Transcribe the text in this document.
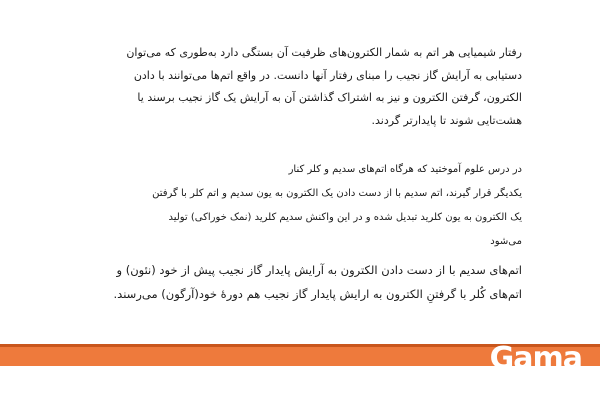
رفتار شیمیایی هر اتم به شمار الکترون‌های ظرفیت آن بستگی دارد به‌طوری که می‌توان
دستیابی به آرایش گاز نجیب را مبنای رفتار آنها دانست. در واقع اتم‌ها می‌توانند با دادن
الکترون، گرفتن الکترون و نیز به اشتراک گذاشتن آن به آرایش یک گاز نجیب برسند یا
هشت‌تایی شوند تا پایدارتر گردند.
در درس علوم آموختید که هرگاه اتم‌های سدیم و کلر کنار
یکدیگر قرار گیرند، اتم سدیم با از دست دادن یک الکترون به یون سدیم و اتم کلر با گرفتن
یک الکترون به یون کلرید تبدیل شده و در این واکنش سدیم کلرید (نمک خوراکی) تولید
می‌شود
اتم‌های سدیم با از دست دادن الکترون به آرایش پایدار گاز نجیب پیش از خود (نئون) و
اتم‌های کُلر با گرفتنِ الکترون به ارایش پایدار گاز نجیب هم دورهٔ خود(آرگون) می‌رسند.
Gama
